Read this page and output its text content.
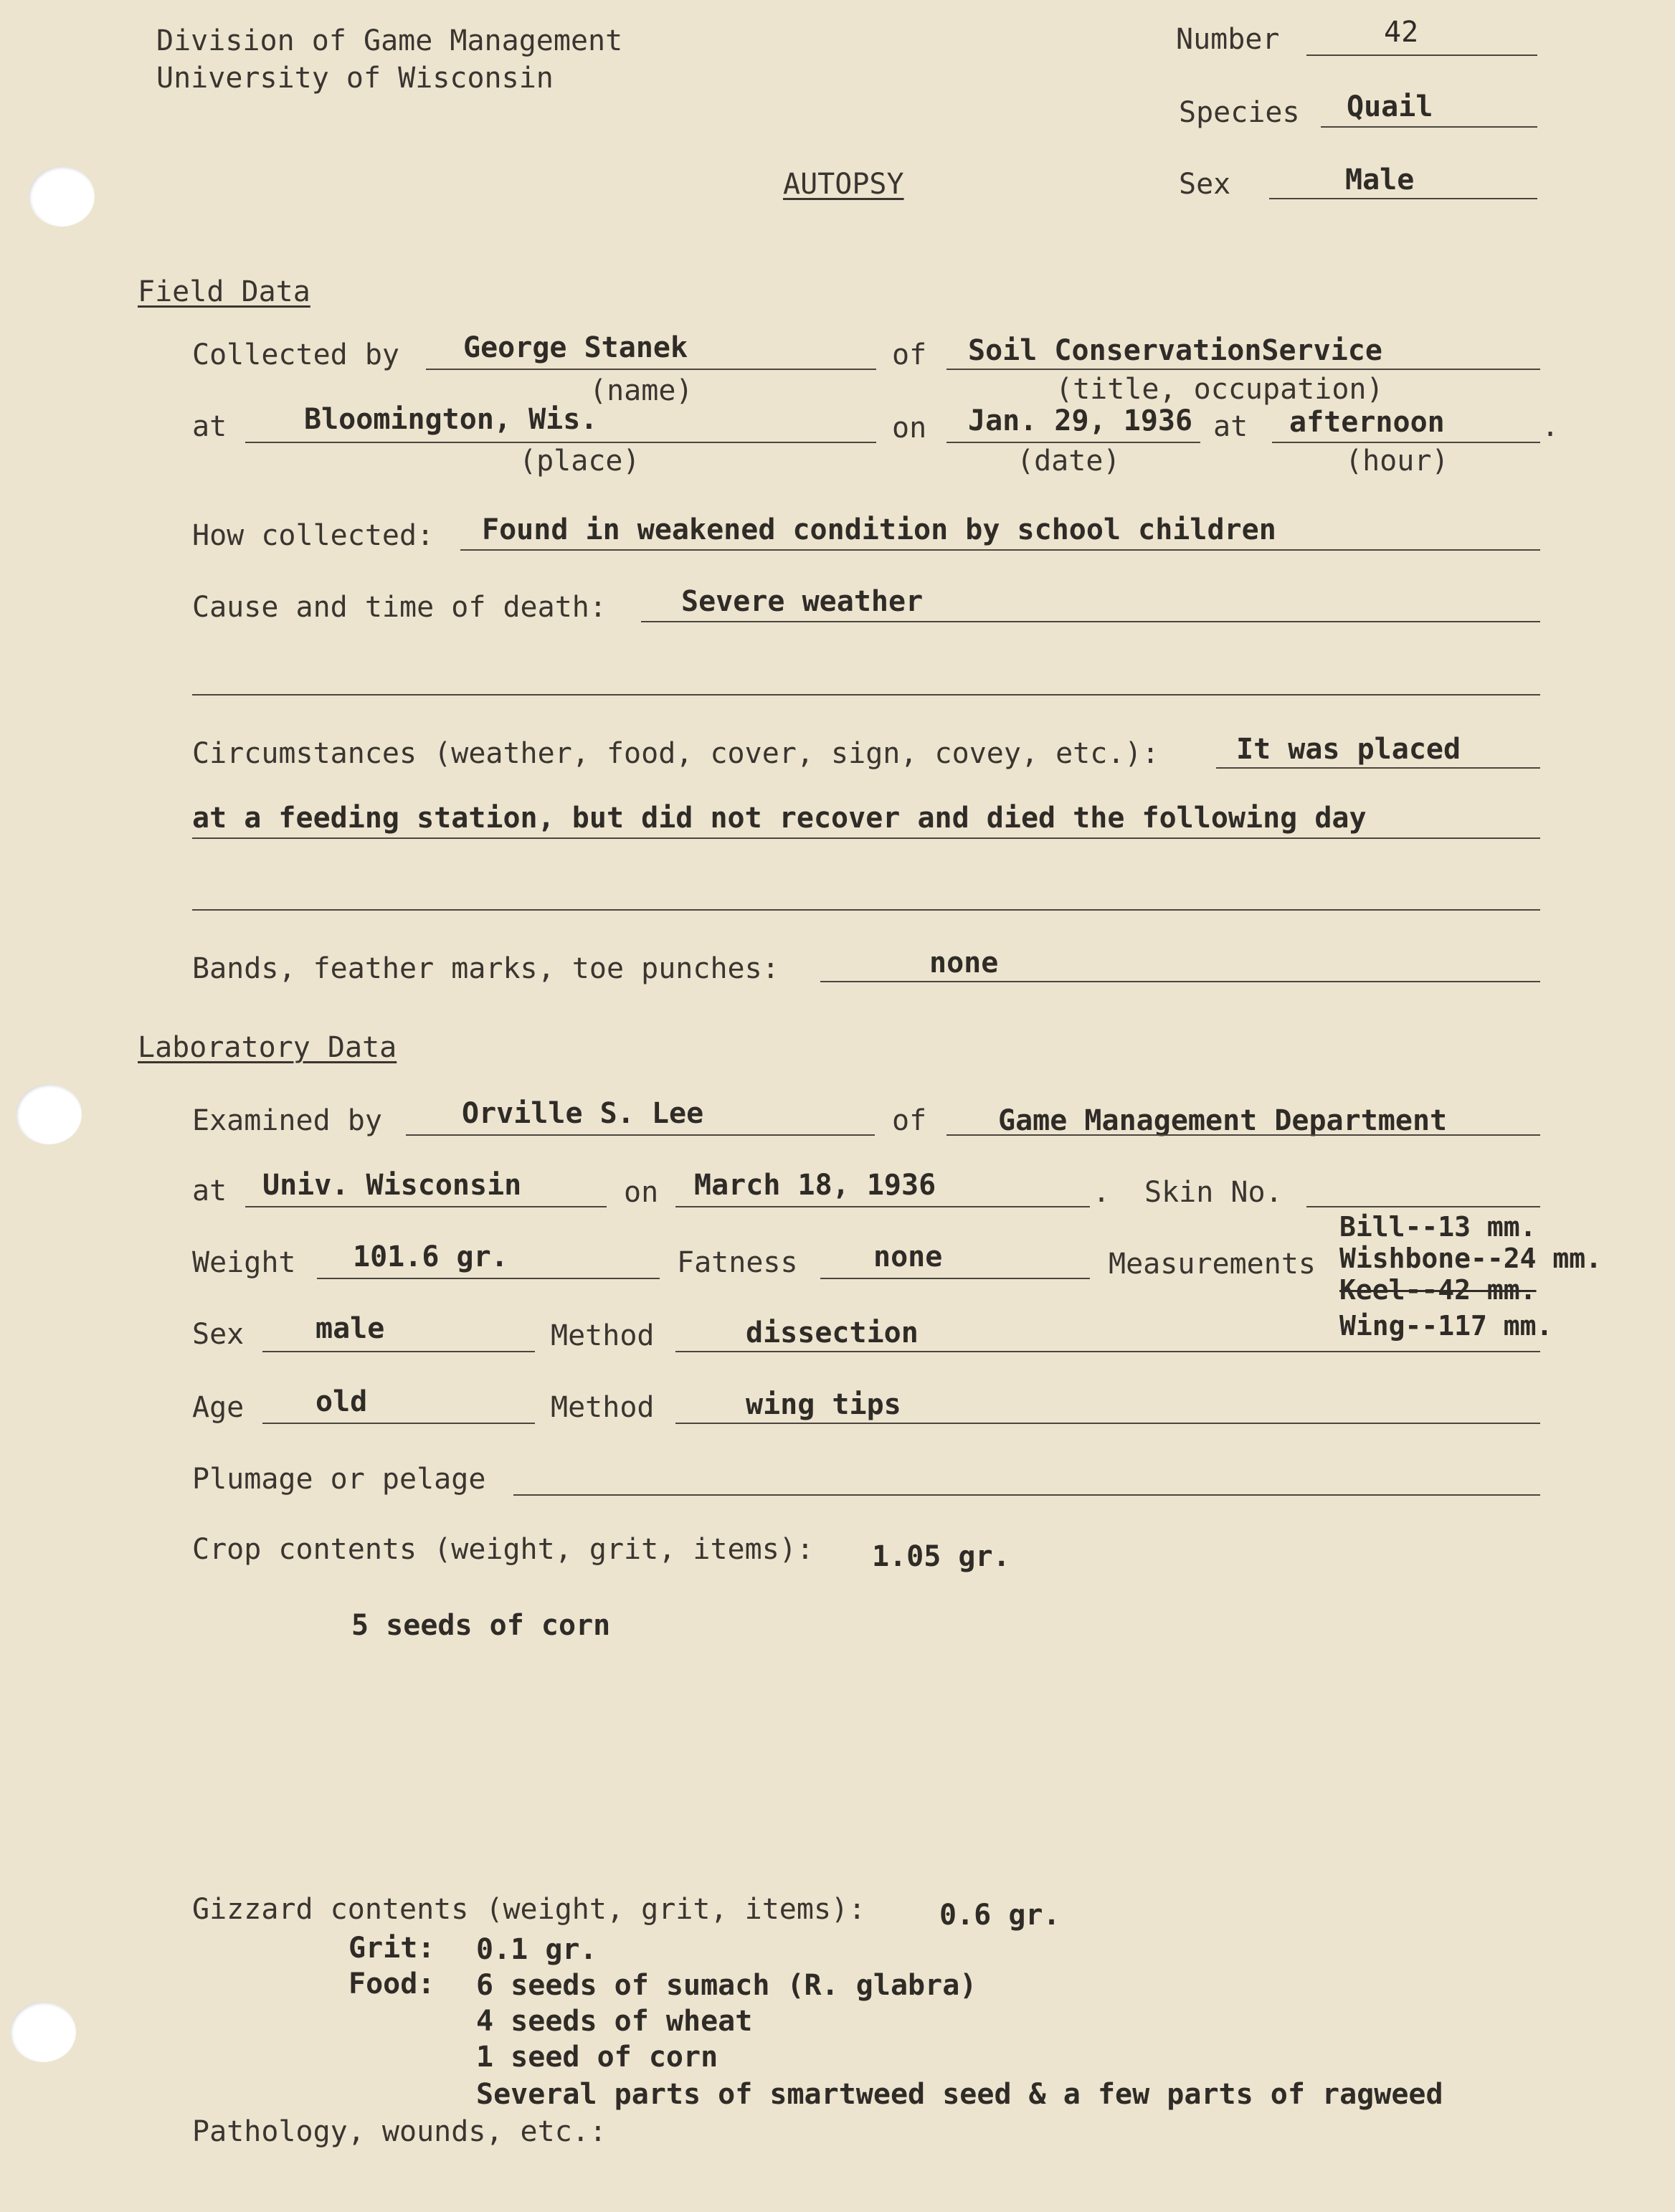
Division of Game Management
University of Wisconsin
Number	42
Species Quail
AUTOPSY	Sex	Male
Field Data
Collected by George Stanek
(name)
of Soil ConservationService
(title, occupation)
at	Bloomington, Wis.
(place)
on Jan. 29, 1936
(date)
at afternoon
(hour)
.
How collected: Found in weakened condition by school children
Cause and time of death:	Severe weather
Circumstances (weather, food, cover, sign, covey, etc.):	It was placed
at a feeding station, but did not recover and died the following day
Bands, feather marks, toe punches:	none
Laboratory Data
Examined by	Orville S. Lee	of Game Management Department
at Univ. Wisconsin	on March 18, 1936	. Skin No.
Weight 101.6 gr.	Fatness	none	Measurements
Bill--13 mm.
Wishbone--24 mm.
Keel--42 mm.
Wing--117 mm.
Sex male	Method	dissection
Age old	Method	wing tips
Plumage or pelage
Crop contents (weight, grit, items): 1.05 gr.
5 seeds of corn
Gizzard contents (weight, grit, items):	0.6 gr.
Grit: 0.1 gr.
Food: 6 seeds of sumach (R. glabra)
4 seeds of wheat
1 seed of corn
Several parts of smartweed seed & a few parts of ragweed
Pathology, wounds, etc.:
